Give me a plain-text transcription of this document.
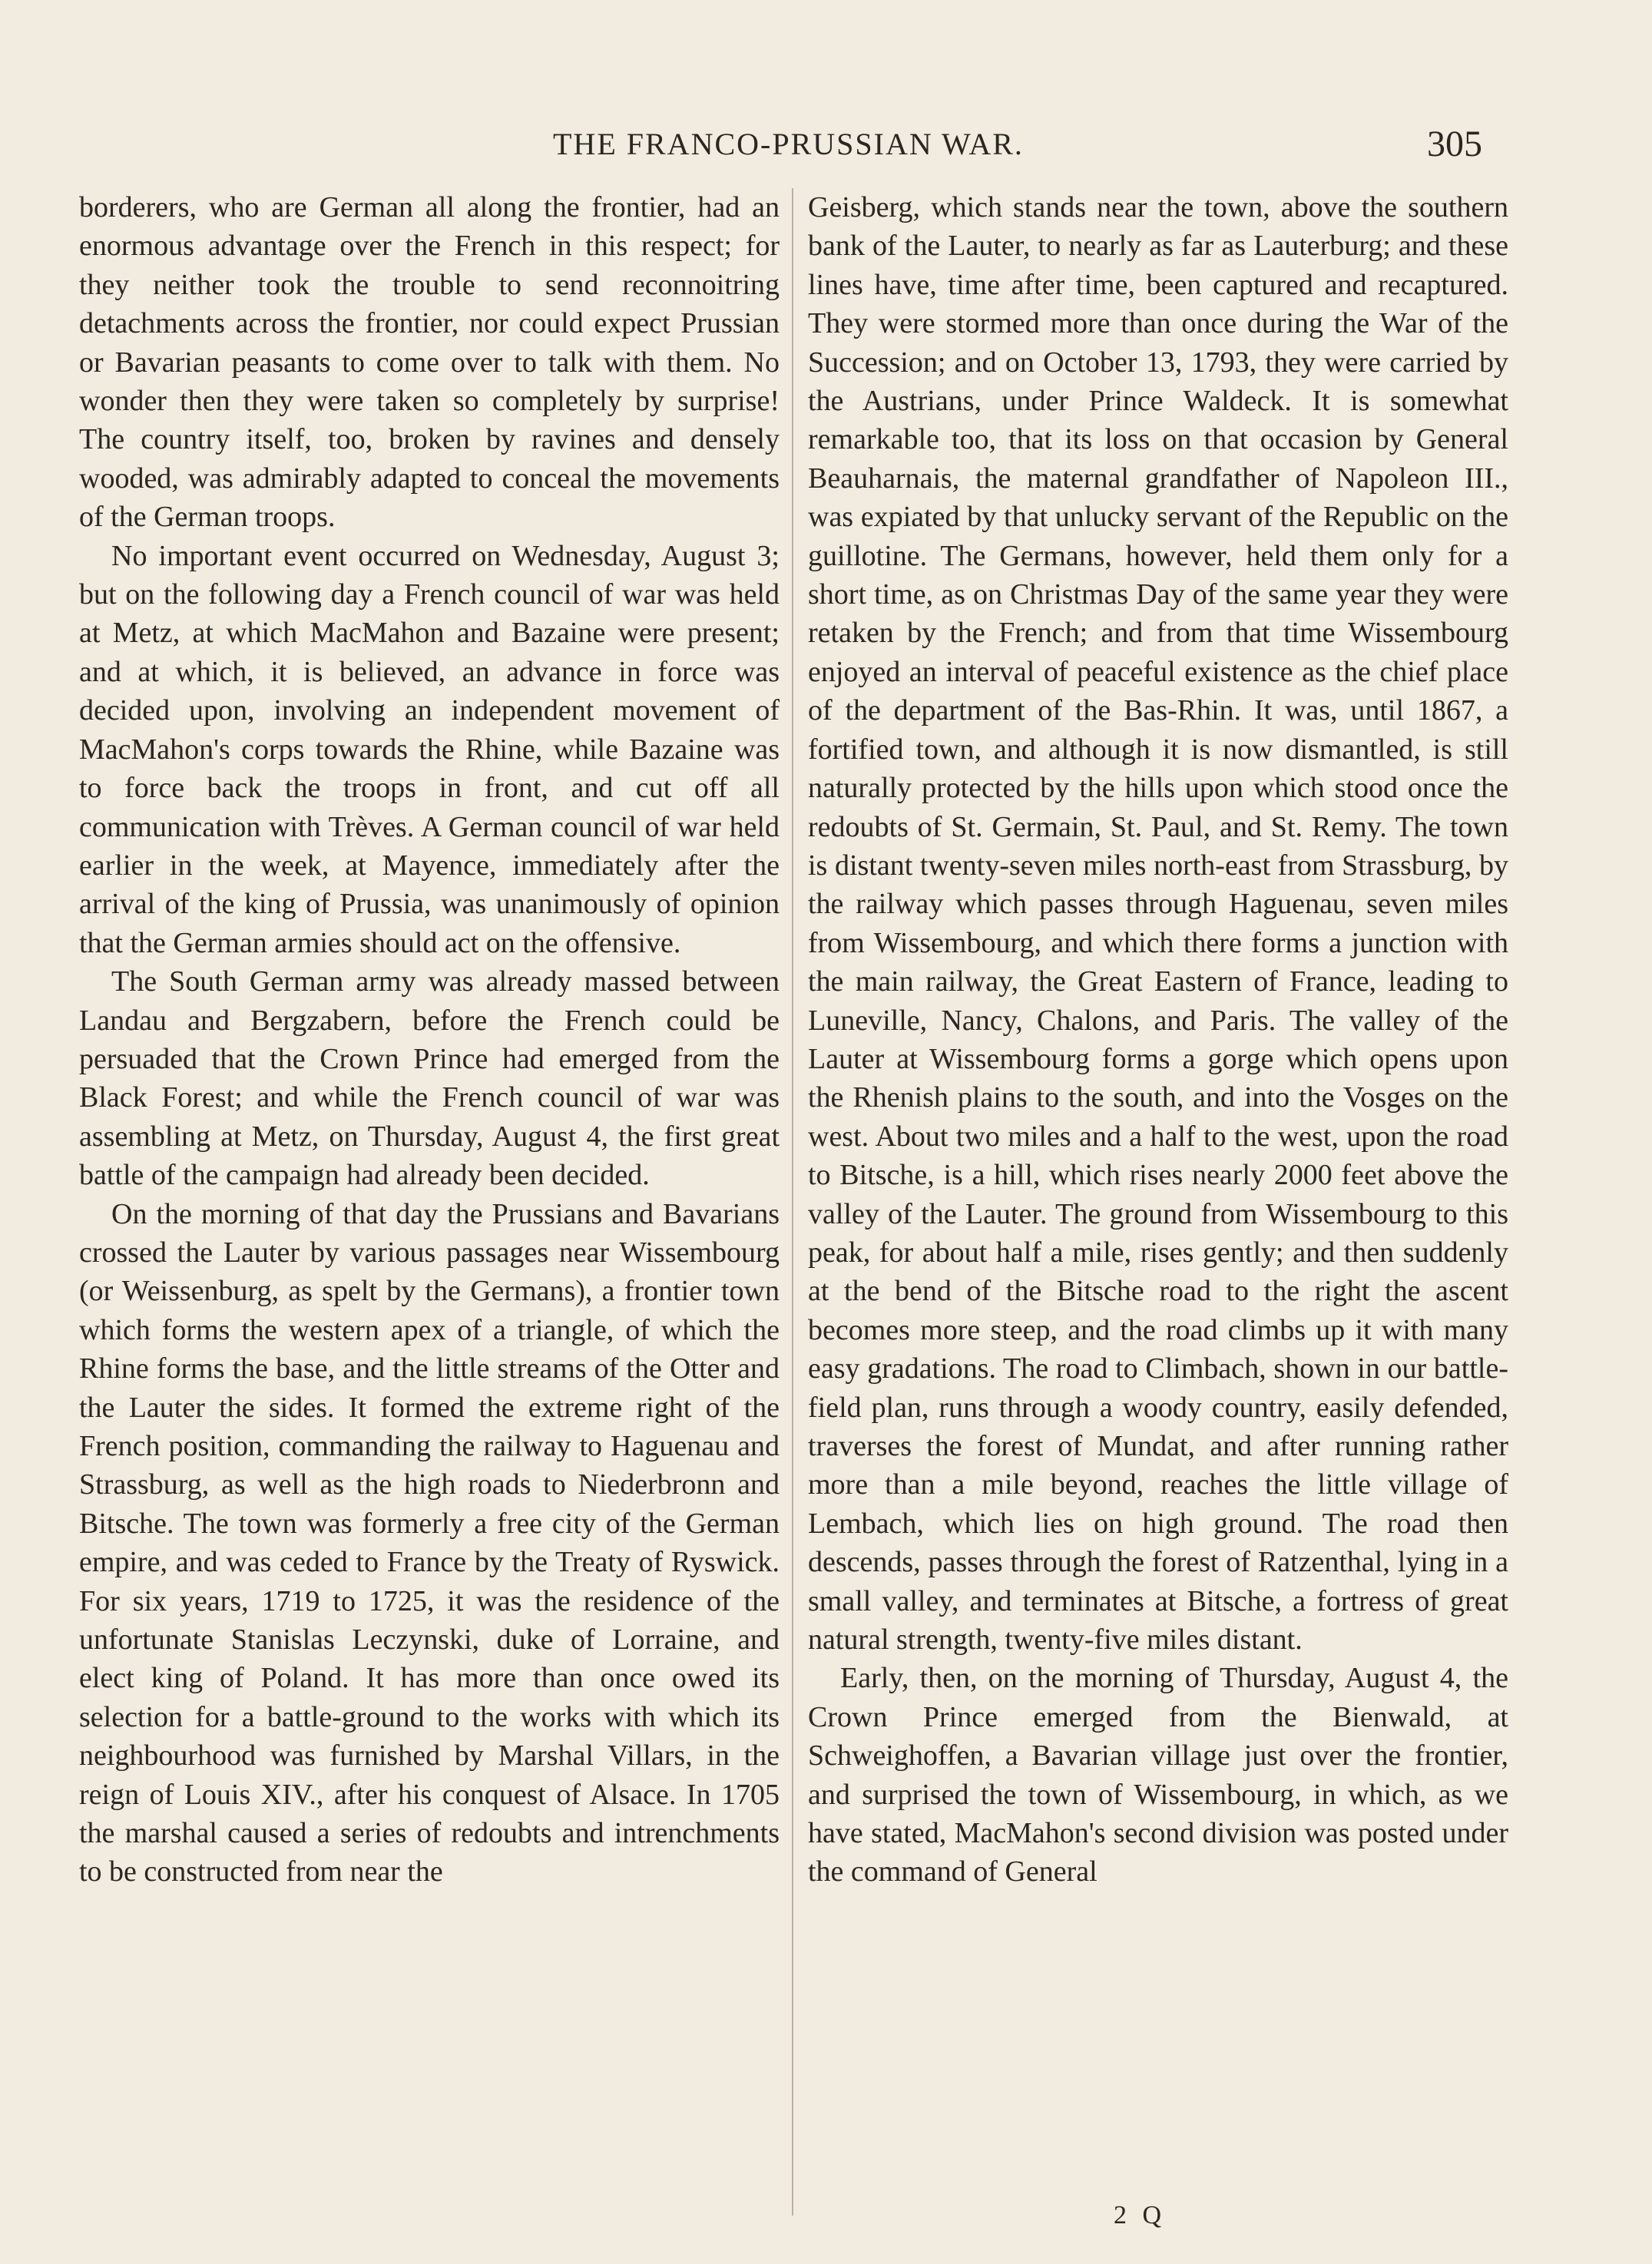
THE FRANCO-PRUSSIAN WAR.	305

borderers, who are German all along the frontier, had an enormous advantage over the French in this respect; for they neither took the trouble to send reconnoitring detachments across the frontier, nor could expect Prussian or Bavarian peasants to come over to talk with them. No wonder then they were taken so completely by surprise! The country itself, too, broken by ravines and densely wooded, was admirably adapted to conceal the movements of the German troops.

No important event occurred on Wednesday, August 3; but on the following day a French council of war was held at Metz, at which MacMahon and Bazaine were present; and at which, it is believed, an advance in force was decided upon, involving an independent movement of MacMahon's corps towards the Rhine, while Bazaine was to force back the troops in front, and cut off all communication with Trèves. A German council of war held earlier in the week, at Mayence, immediately after the arrival of the king of Prussia, was unanimously of opinion that the German armies should act on the offensive.

The South German army was already massed between Landau and Bergzabern, before the French could be persuaded that the Crown Prince had emerged from the Black Forest; and while the French council of war was assembling at Metz, on Thursday, August 4, the first great battle of the campaign had already been decided.

On the morning of that day the Prussians and Bavarians crossed the Lauter by various passages near Wissembourg (or Weissenburg, as spelt by the Germans), a frontier town which forms the western apex of a triangle, of which the Rhine forms the base, and the little streams of the Otter and the Lauter the sides. It formed the extreme right of the French position, commanding the railway to Haguenau and Strassburg, as well as the high roads to Niederbronn and Bitsche. The town was formerly a free city of the German empire, and was ceded to France by the Treaty of Ryswick. For six years, 1719 to 1725, it was the residence of the unfortunate Stanislas Leczynski, duke of Lorraine, and elect king of Poland. It has more than once owed its selection for a battle-ground to the works with which its neighbourhood was furnished by Marshal Villars, in the reign of Louis XIV., after his conquest of Alsace. In 1705 the marshal caused a series of redoubts and intrenchments to be constructed from near the

Geisberg, which stands near the town, above the southern bank of the Lauter, to nearly as far as Lauterburg; and these lines have, time after time, been captured and recaptured. They were stormed more than once during the War of the Succession; and on October 13, 1793, they were carried by the Austrians, under Prince Waldeck. It is somewhat remarkable too, that its loss on that occasion by General Beauharnais, the maternal grandfather of Napoleon III., was expiated by that unlucky servant of the Republic on the guillotine. The Germans, however, held them only for a short time, as on Christmas Day of the same year they were retaken by the French; and from that time Wissembourg enjoyed an interval of peaceful existence as the chief place of the department of the Bas-Rhin. It was, until 1867, a fortified town, and although it is now dismantled, is still naturally protected by the hills upon which stood once the redoubts of St. Germain, St. Paul, and St. Remy. The town is distant twenty-seven miles north-east from Strassburg, by the railway which passes through Haguenau, seven miles from Wissembourg, and which there forms a junction with the main railway, the Great Eastern of France, leading to Luneville, Nancy, Chalons, and Paris. The valley of the Lauter at Wissembourg forms a gorge which opens upon the Rhenish plains to the south, and into the Vosges on the west. About two miles and a half to the west, upon the road to Bitsche, is a hill, which rises nearly 2000 feet above the valley of the Lauter. The ground from Wissembourg to this peak, for about half a mile, rises gently; and then suddenly at the bend of the Bitsche road to the right the ascent becomes more steep, and the road climbs up it with many easy gradations. The road to Climbach, shown in our battle-field plan, runs through a woody country, easily defended, traverses the forest of Mundat, and after running rather more than a mile beyond, reaches the little village of Lembach, which lies on high ground. The road then descends, passes through the forest of Ratzenthal, lying in a small valley, and terminates at Bitsche, a fortress of great natural strength, twenty-five miles distant.

Early, then, on the morning of Thursday, August 4, the Crown Prince emerged from the Bienwald, at Schweighoffen, a Bavarian village just over the frontier, and surprised the town of Wissembourg, in which, as we have stated, MacMahon's second division was posted under the command of General

2 Q
